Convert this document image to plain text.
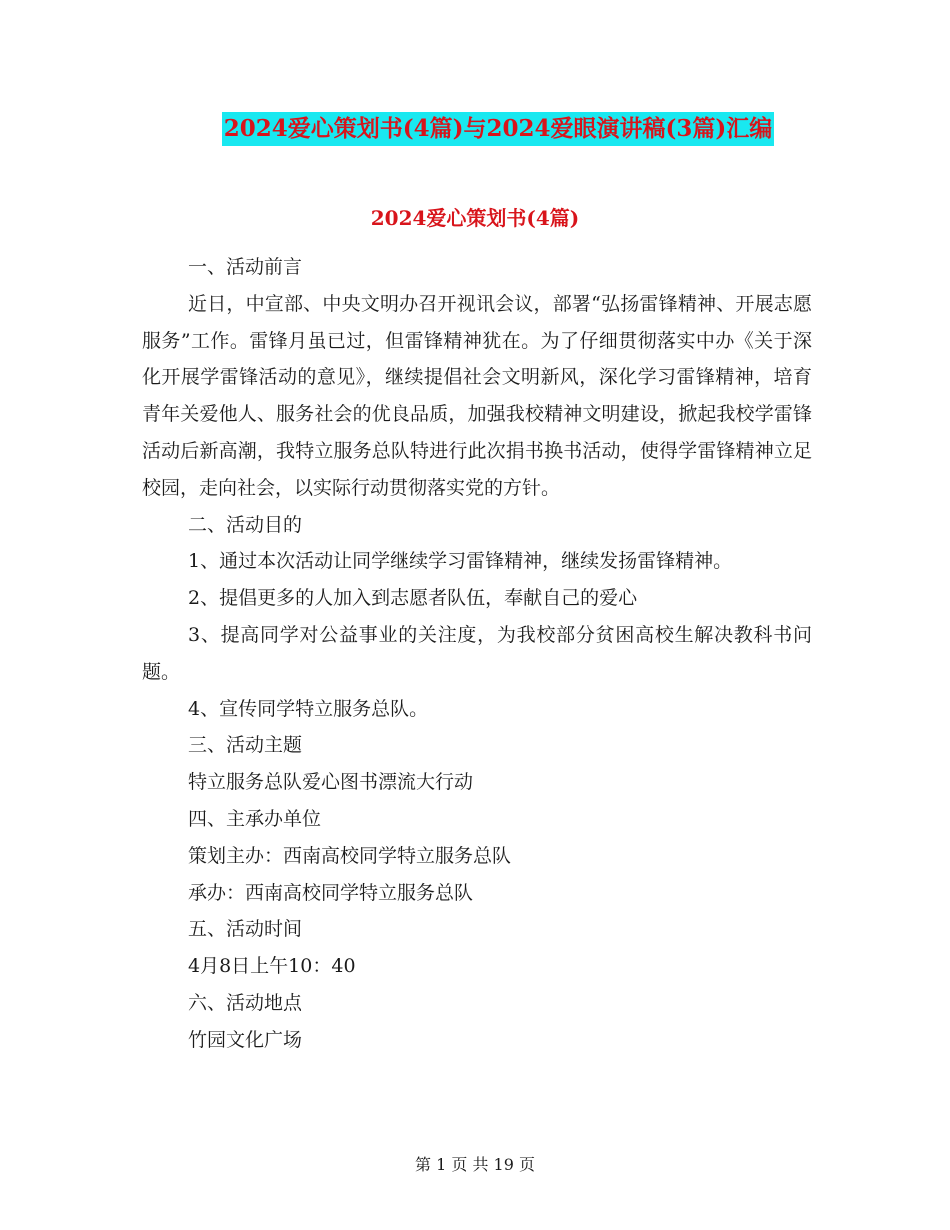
2024爱心策划书(4篇)与2024爱眼演讲稿(3篇)汇编
2024爱心策划书(4篇)

一、活动前言

近日，中宣部、中央文明办召开视讯会议，部署“弘扬雷锋精神、开展志愿服务”工作。雷锋月虽已过，但雷锋精神犹在。为了仔细贯彻落实中办《关于深化开展学雷锋活动的意见》，继续提倡社会文明新风，深化学习雷锋精神，培育青年关爱他人、服务社会的优良品质，加强我校精神文明建设，掀起我校学雷锋活动后新高潮，我特立服务总队特进行此次捐书换书活动，使得学雷锋精神立足校园，走向社会，以实际行动贯彻落实党的方针。

二、活动目的

1、通过本次活动让同学继续学习雷锋精神，继续发扬雷锋精神。

2、提倡更多的人加入到志愿者队伍，奉献自己的爱心

3、提高同学对公益事业的关注度，为我校部分贫困高校生解决教科书问题。

4、宣传同学特立服务总队。

三、活动主题

特立服务总队爱心图书漂流大行动

四、主承办单位

策划主办：西南高校同学特立服务总队

承办：西南高校同学特立服务总队

五、活动时间

4月8日上午10：40

六、活动地点

竹园文化广场

第 1 页 共 19 页
